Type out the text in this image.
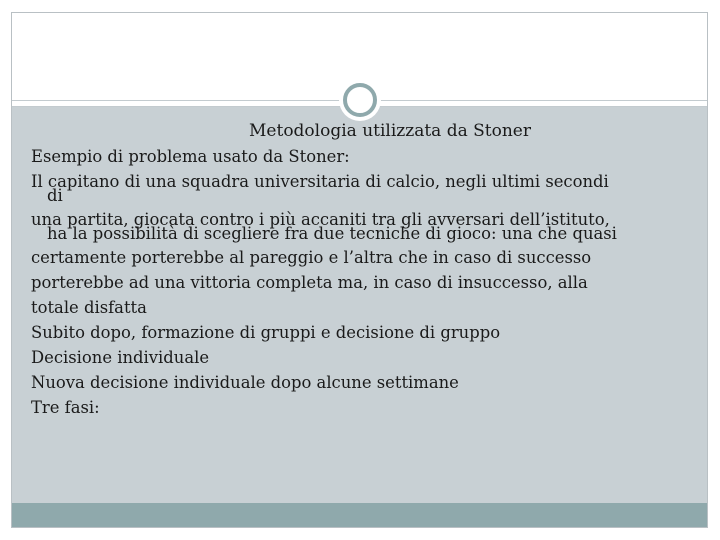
Metodologia utilizzata da Stoner

Esempio di problema usato da Stoner:

Il capitano di una squadra universitaria di calcio, negli ultimi secondi
di

una partita, giocata contro i più accaniti tra gli avversari dell’istituto,
ha la possibilità di scegliere fra due tecniche di gioco: una che quasi

certamente porterebbe al pareggio e l’altra che in caso di successo

porterebbe ad una vittoria completa ma, in caso di insuccesso, alla

totale disfatta

Subito dopo, formazione di gruppi e decisione di gruppo

Decisione individuale

Nuova decisione individuale dopo alcune settimane

Tre fasi:
